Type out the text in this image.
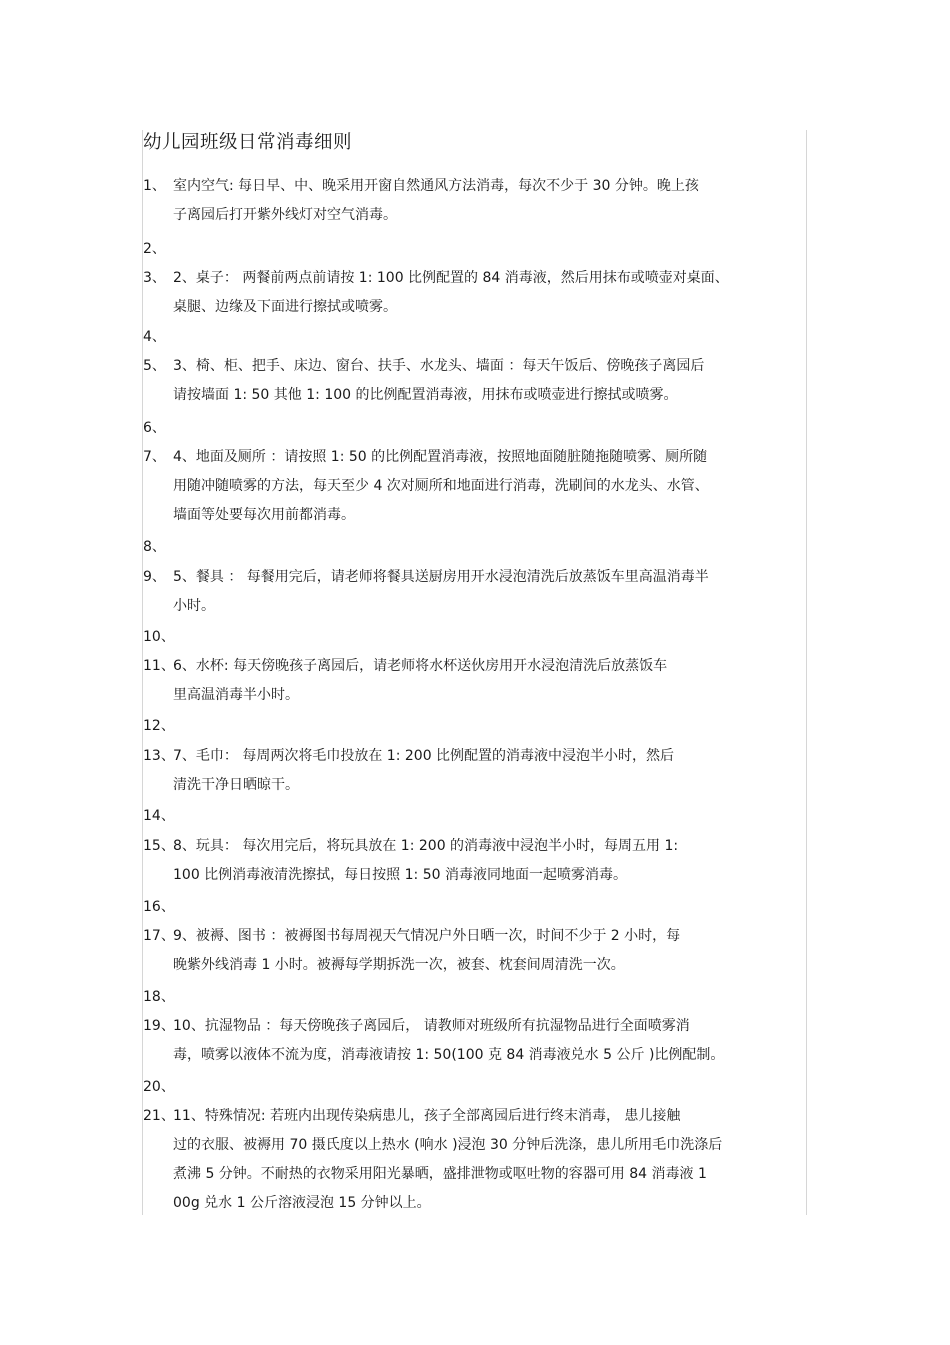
幼儿园班级日常消毒细则
1、 室内空气: 每日早、中、晚采用开窗自然通风方法消毒，每次不少于 30 分钟。晚上孩
子离园后打开紫外线灯对空气消毒。
2、
3、 2、桌子： 两餐前两点前请按 1: 100 比例配置的 84 消毒液，然后用抹布或喷壶对桌面、
桌腿、边缘及下面进行擦拭或喷雾。
4、
5、 3、椅、柜、把手、床边、窗台、扶手、水龙头、墙面 ：每天午饭后、傍晚孩子离园后
请按墙面 1: 50 其他 1: 100 的比例配置消毒液，用抹布或喷壶进行擦拭或喷雾。
6、
7、 4、地面及厕所 ：请按照 1: 50 的比例配置消毒液，按照地面随脏随拖随喷雾、厕所随
用随冲随喷雾的方法，每天至少 4 次对厕所和地面进行消毒，洗刷间的水龙头、水管、
墙面等处要每次用前都消毒。
8、
9、 5、餐具 ： 每餐用完后，请老师将餐具送厨房用开水浸泡清洗后放蒸饭车里高温消毒半
小时。
10、
11、
6、水杯: 每天傍晚孩子离园后，请老师将水杯送伙房用开水浸泡清洗后放蒸饭车
里高温消毒半小时。
12、
13、
7、毛巾： 每周两次将毛巾投放在 1: 200 比例配置的消毒液中浸泡半小时，然后
清洗干净日晒晾干。
14、
15、
8、玩具： 每次用完后，将玩具放在 1: 200 的消毒液中浸泡半小时，每周五用 1:
100 比例消毒液清洗擦拭，每日按照 1: 50 消毒液同地面一起喷雾消毒。
16、
17、
9、被褥、图书 ：被褥图书每周视天气情况户外日晒一次，时间不少于 2 小时，每
晚紫外线消毒 1 小时。被褥每学期拆洗一次，被套、枕套间周清洗一次。
18、
19、
10、抗湿物品 ：每天傍晚孩子离园后， 请教师对班级所有抗湿物品进行全面喷雾消
毒，喷雾以液体不流为度，消毒液请按 1: 50(100 克 84 消毒液兑水 5 公斤 )比例配制。
20、
21、
11、特殊情况: 若班内出现传染病患儿，孩子全部离园后进行终末消毒， 患儿接触
过的衣服、被褥用 70 摄氏度以上热水 (响水 )浸泡 30 分钟后洗涤，患儿所用毛巾洗涤后
煮沸 5 分钟。不耐热的衣物采用阳光暴晒，盛排泄物或呕吐物的容器可用 84 消毒液 1
00g 兑水 1 公斤溶液浸泡 15 分钟以上。
